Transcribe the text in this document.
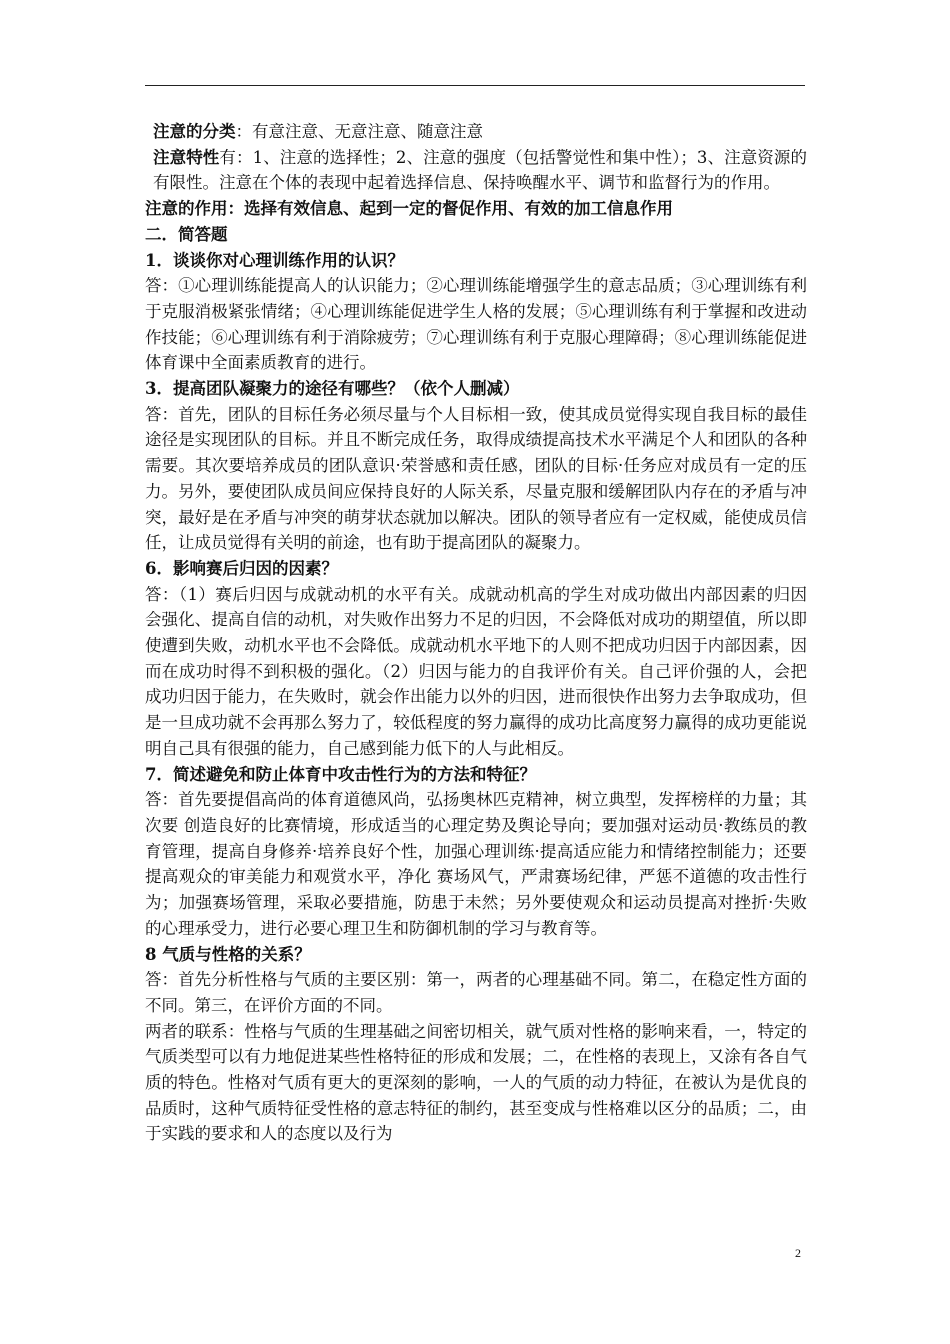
注意的分类：有意注意、无意注意、随意注意

注意特性有：1、注意的选择性；2、注意的强度（包括警觉性和集中性）；3、注意资源的有限性。注意在个体的表现中起着选择信息、保持唤醒水平、调节和监督行为的作用。

注意的作用：选择有效信息、起到一定的督促作用、有效的加工信息作用

二．简答题

1．谈谈你对心理训练作用的认识？

答：①心理训练能提高人的认识能力；②心理训练能增强学生的意志品质；③心理训练有利于克服消极紧张情绪；④心理训练能促进学生人格的发展；⑤心理训练有利于掌握和改进动作技能；⑥心理训练有利于消除疲劳；⑦心理训练有利于克服心理障碍；⑧心理训练能促进体育课中全面素质教育的进行。

3．提高团队凝聚力的途径有哪些？（依个人删减）

答：首先，团队的目标任务必须尽量与个人目标相一致，使其成员觉得实现自我目标的最佳途径是实现团队的目标。并且不断完成任务，取得成绩提高技术水平满足个人和团队的各种需要。其次要培养成员的团队意识·荣誉感和责任感，团队的目标·任务应对成员有一定的压力。另外，要使团队成员间应保持良好的人际关系，尽量克服和缓解团队内存在的矛盾与冲突，最好是在矛盾与冲突的萌芽状态就加以解决。团队的领导者应有一定权威，能使成员信任，让成员觉得有关明的前途，也有助于提高团队的凝聚力。

6．影响赛后归因的因素？

答：（1）赛后归因与成就动机的水平有关。成就动机高的学生对成功做出内部因素的归因会强化、提高自信的动机，对失败作出努力不足的归因，不会降低对成功的期望值，所以即使遭到失败，动机水平也不会降低。成就动机水平地下的人则不把成功归因于内部因素，因而在成功时得不到积极的强化。（2）归因与能力的自我评价有关。自己评价强的人，会把成功归因于能力，在失败时，就会作出能力以外的归因，进而很快作出努力去争取成功，但是一旦成功就不会再那么努力了，较低程度的努力赢得的成功比高度努力赢得的成功更能说明自己具有很强的能力，自己感到能力低下的人与此相反。

7．简述避免和防止体育中攻击性行为的方法和特征？

答：首先要提倡高尚的体育道德风尚，弘扬奥林匹克精神，树立典型，发挥榜样的力量；其次要 创造良好的比赛情境，形成适当的心理定势及舆论导向；要加强对运动员·教练员的教育管理，提高自身修养·培养良好个性，加强心理训练·提高适应能力和情绪控制能力；还要提高观众的审美能力和观赏水平，净化 赛场风气，严肃赛场纪律，严惩不道德的攻击性行为；加强赛场管理，采取必要措施，防患于未然；另外要使观众和运动员提高对挫折·失败的心理承受力，进行必要心理卫生和防御机制的学习与教育等。

8 气质与性格的关系？

答：首先分析性格与气质的主要区别：第一，两者的心理基础不同。第二，在稳定性方面的不同。第三，在评价方面的不同。

两者的联系：性格与气质的生理基础之间密切相关，就气质对性格的影响来看，一，特定的气质类型可以有力地促进某些性格特征的形成和发展；二，在性格的表现上，又涂有各自气质的特色。性格对气质有更大的更深刻的影响，一人的气质的动力特征，在被认为是优良的品质时，这种气质特征受性格的意志特征的制约，甚至变成与性格难以区分的品质；二，由于实践的要求和人的态度以及行为

2
